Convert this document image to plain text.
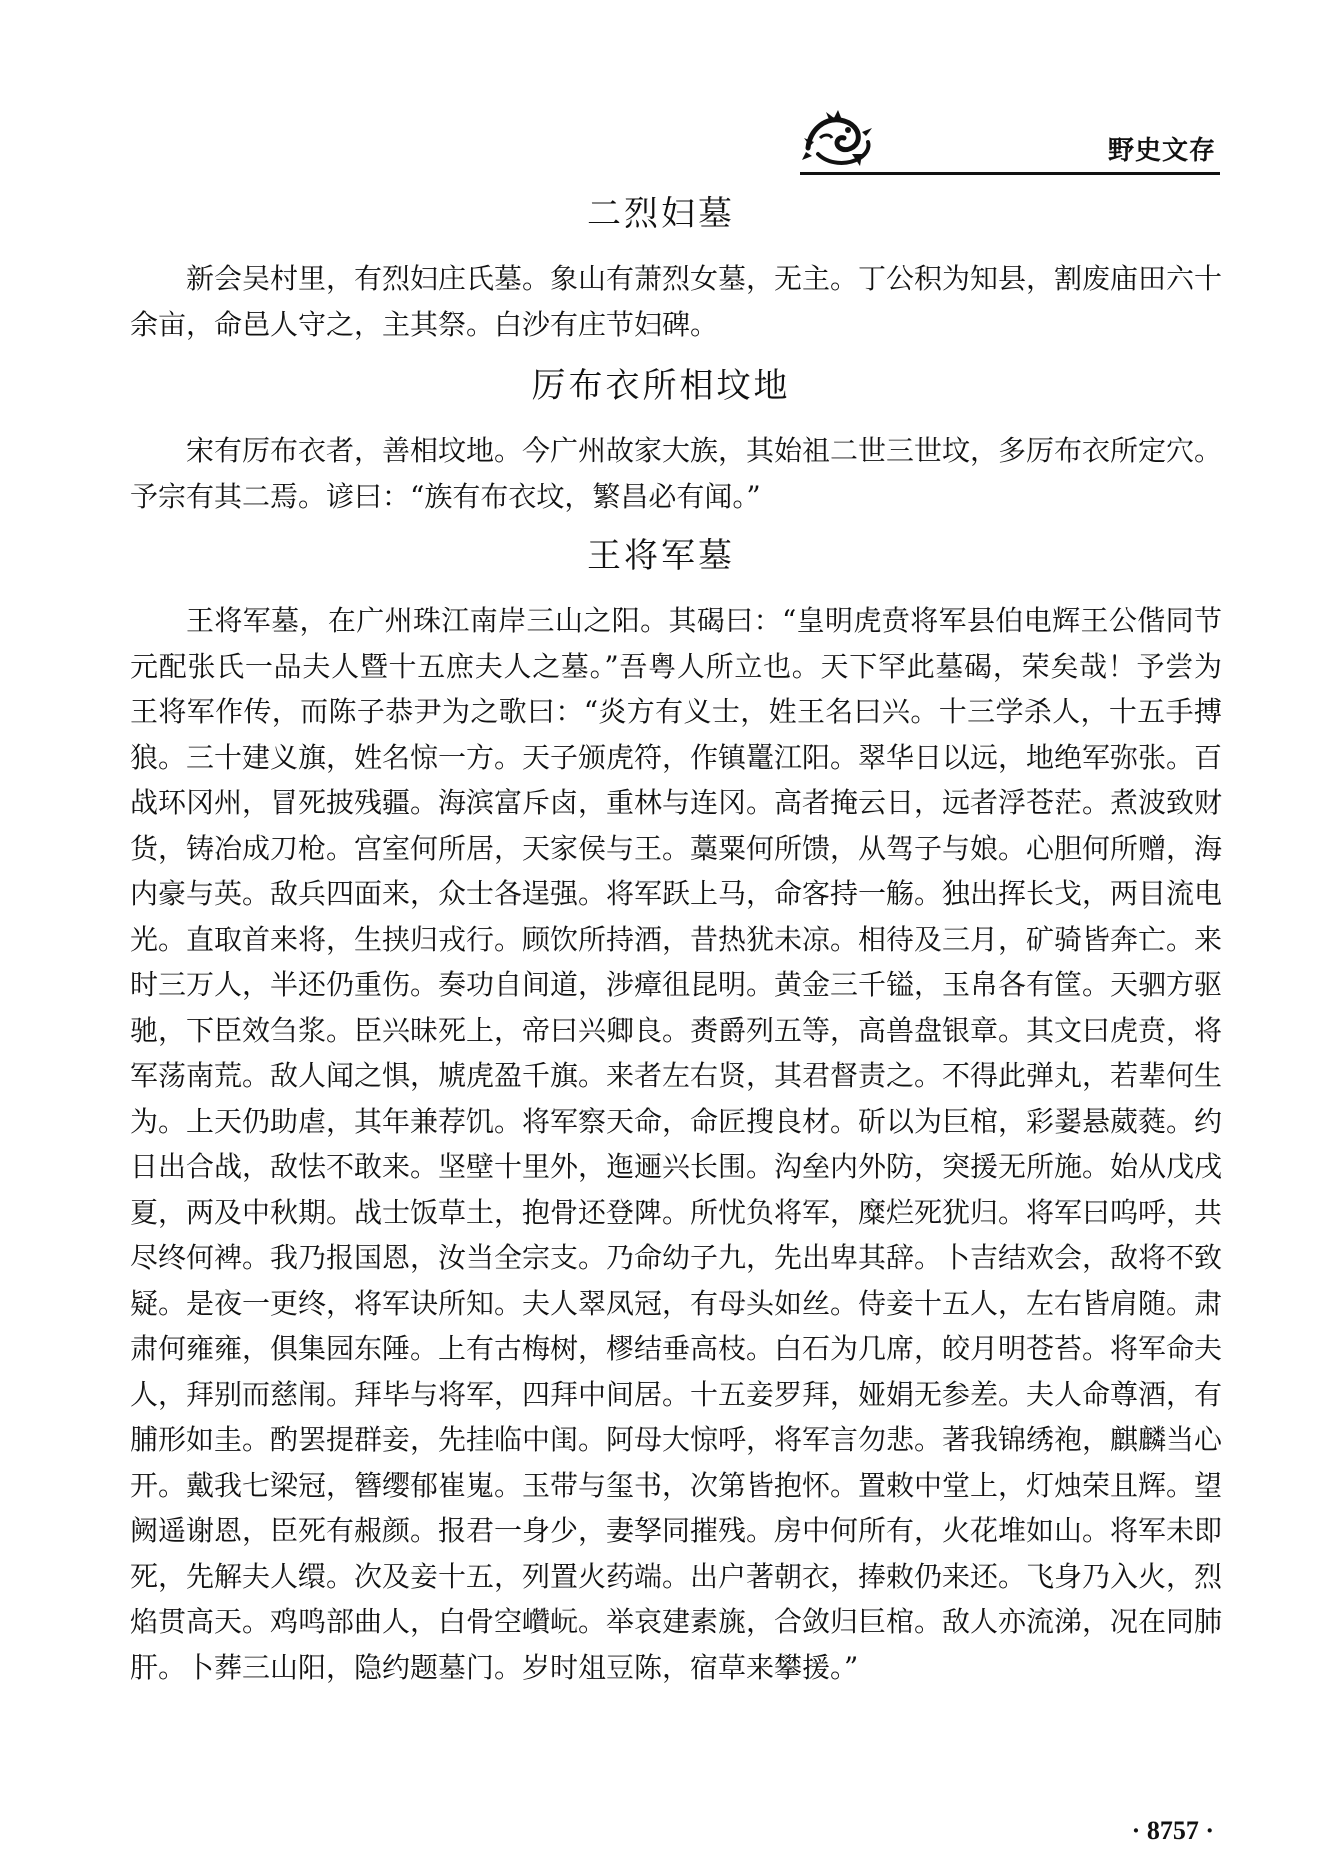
野史文存
二烈妇墓

新会吴村里，有烈妇庄氏墓。象山有萧烈女墓，无主。丁公积为知县，割废庙田六十余亩，命邑人守之，主其祭。白沙有庄节妇碑。

厉布衣所相坟地

宋有厉布衣者，善相坟地。今广州故家大族，其始祖二世三世坟，多厉布衣所定穴。予宗有其二焉。谚曰：“族有布衣坟，繁昌必有闻。”

王将军墓

王将军墓，在广州珠江南岸三山之阳。其碣曰：“皇明虎贲将军县伯电辉王公偕同节元配张氏一品夫人暨十五庶夫人之墓。”吾粤人所立也。天下罕此墓碣，荣矣哉！予尝为王将军作传，而陈子恭尹为之歌曰：“炎方有义士，姓王名曰兴。十三学杀人，十五手搏狼。三十建义旗，姓名惊一方。天子颁虎符，作镇鼍江阳。翠华日以远，地绝军弥张。百战环冈州，冒死披残疆。海滨富斥卤，重林与连冈。高者掩云日，远者浮苍茫。煮波致财货，铸冶成刀枪。宫室何所居，天家侯与王。藁粟何所馈，从驾子与娘。心胆何所赠，海内豪与英。敌兵四面来，众士各逞强。将军跃上马，命客持一觞。独出挥长戈，两目流电光。直取首来将，生挟归戎行。顾饮所持酒，昔热犹未凉。相待及三月，矿骑皆奔亡。来时三万人，半还仍重伤。奏功自间道，涉瘴徂昆明。黄金三千镒，玉帛各有筐。天驷方驱驰，下臣效刍浆。臣兴昧死上，帝曰兴卿良。赉爵列五等，高兽盘银章。其文曰虎贲，将军荡南荒。敌人闻之惧，虓虎盈千旗。来者左右贤，其君督责之。不得此弹丸，若辈何生为。上天仍助虐，其年兼荐饥。将军察天命，命匠搜良材。斫以为巨棺，彩翣悬葳蕤。约日出合战，敌怯不敢来。坚壁十里外，迤逦兴长围。沟垒内外防，突援无所施。始从戊戌夏，两及中秋期。战士饭草土，抱骨还登陴。所忧负将军，糜烂死犹归。将军曰呜呼，共尽终何裨。我乃报国恩，汝当全宗支。乃命幼子九，先出卑其辞。卜吉结欢会，敌将不致疑。是夜一更终，将军诀所知。夫人翠凤冠，有母头如丝。侍妾十五人，左右皆肩随。肃肃何雍雍，俱集园东陲。上有古梅树，樛结垂高枝。白石为几席，皎月明苍苔。将军命夫人，拜别而慈闱。拜毕与将军，四拜中间居。十五妾罗拜，娅娟无参差。夫人命尊酒，有脯形如圭。酌罢提群妾，先挂临中闺。阿母大惊呼，将军言勿悲。著我锦绣袍，麒麟当心开。戴我七梁冠，簪缨郁崔嵬。玉带与玺书，次第皆抱怀。置敕中堂上，灯烛荣且辉。望阙遥谢恩，臣死有赧颜。报君一身少，妻孥同摧残。房中何所有，火花堆如山。将军未即死，先解夫人缳。次及妾十五，列置火药端。出户著朝衣，捧敕仍来还。飞身乃入火，烈焰贯高天。鸡鸣部曲人，白骨空巑岏。举哀建素旐，合敛归巨棺。敌人亦流涕，况在同肺肝。卜葬三山阳，隐约题墓门。岁时俎豆陈，宿草来攀援。”

· 8757 ·
